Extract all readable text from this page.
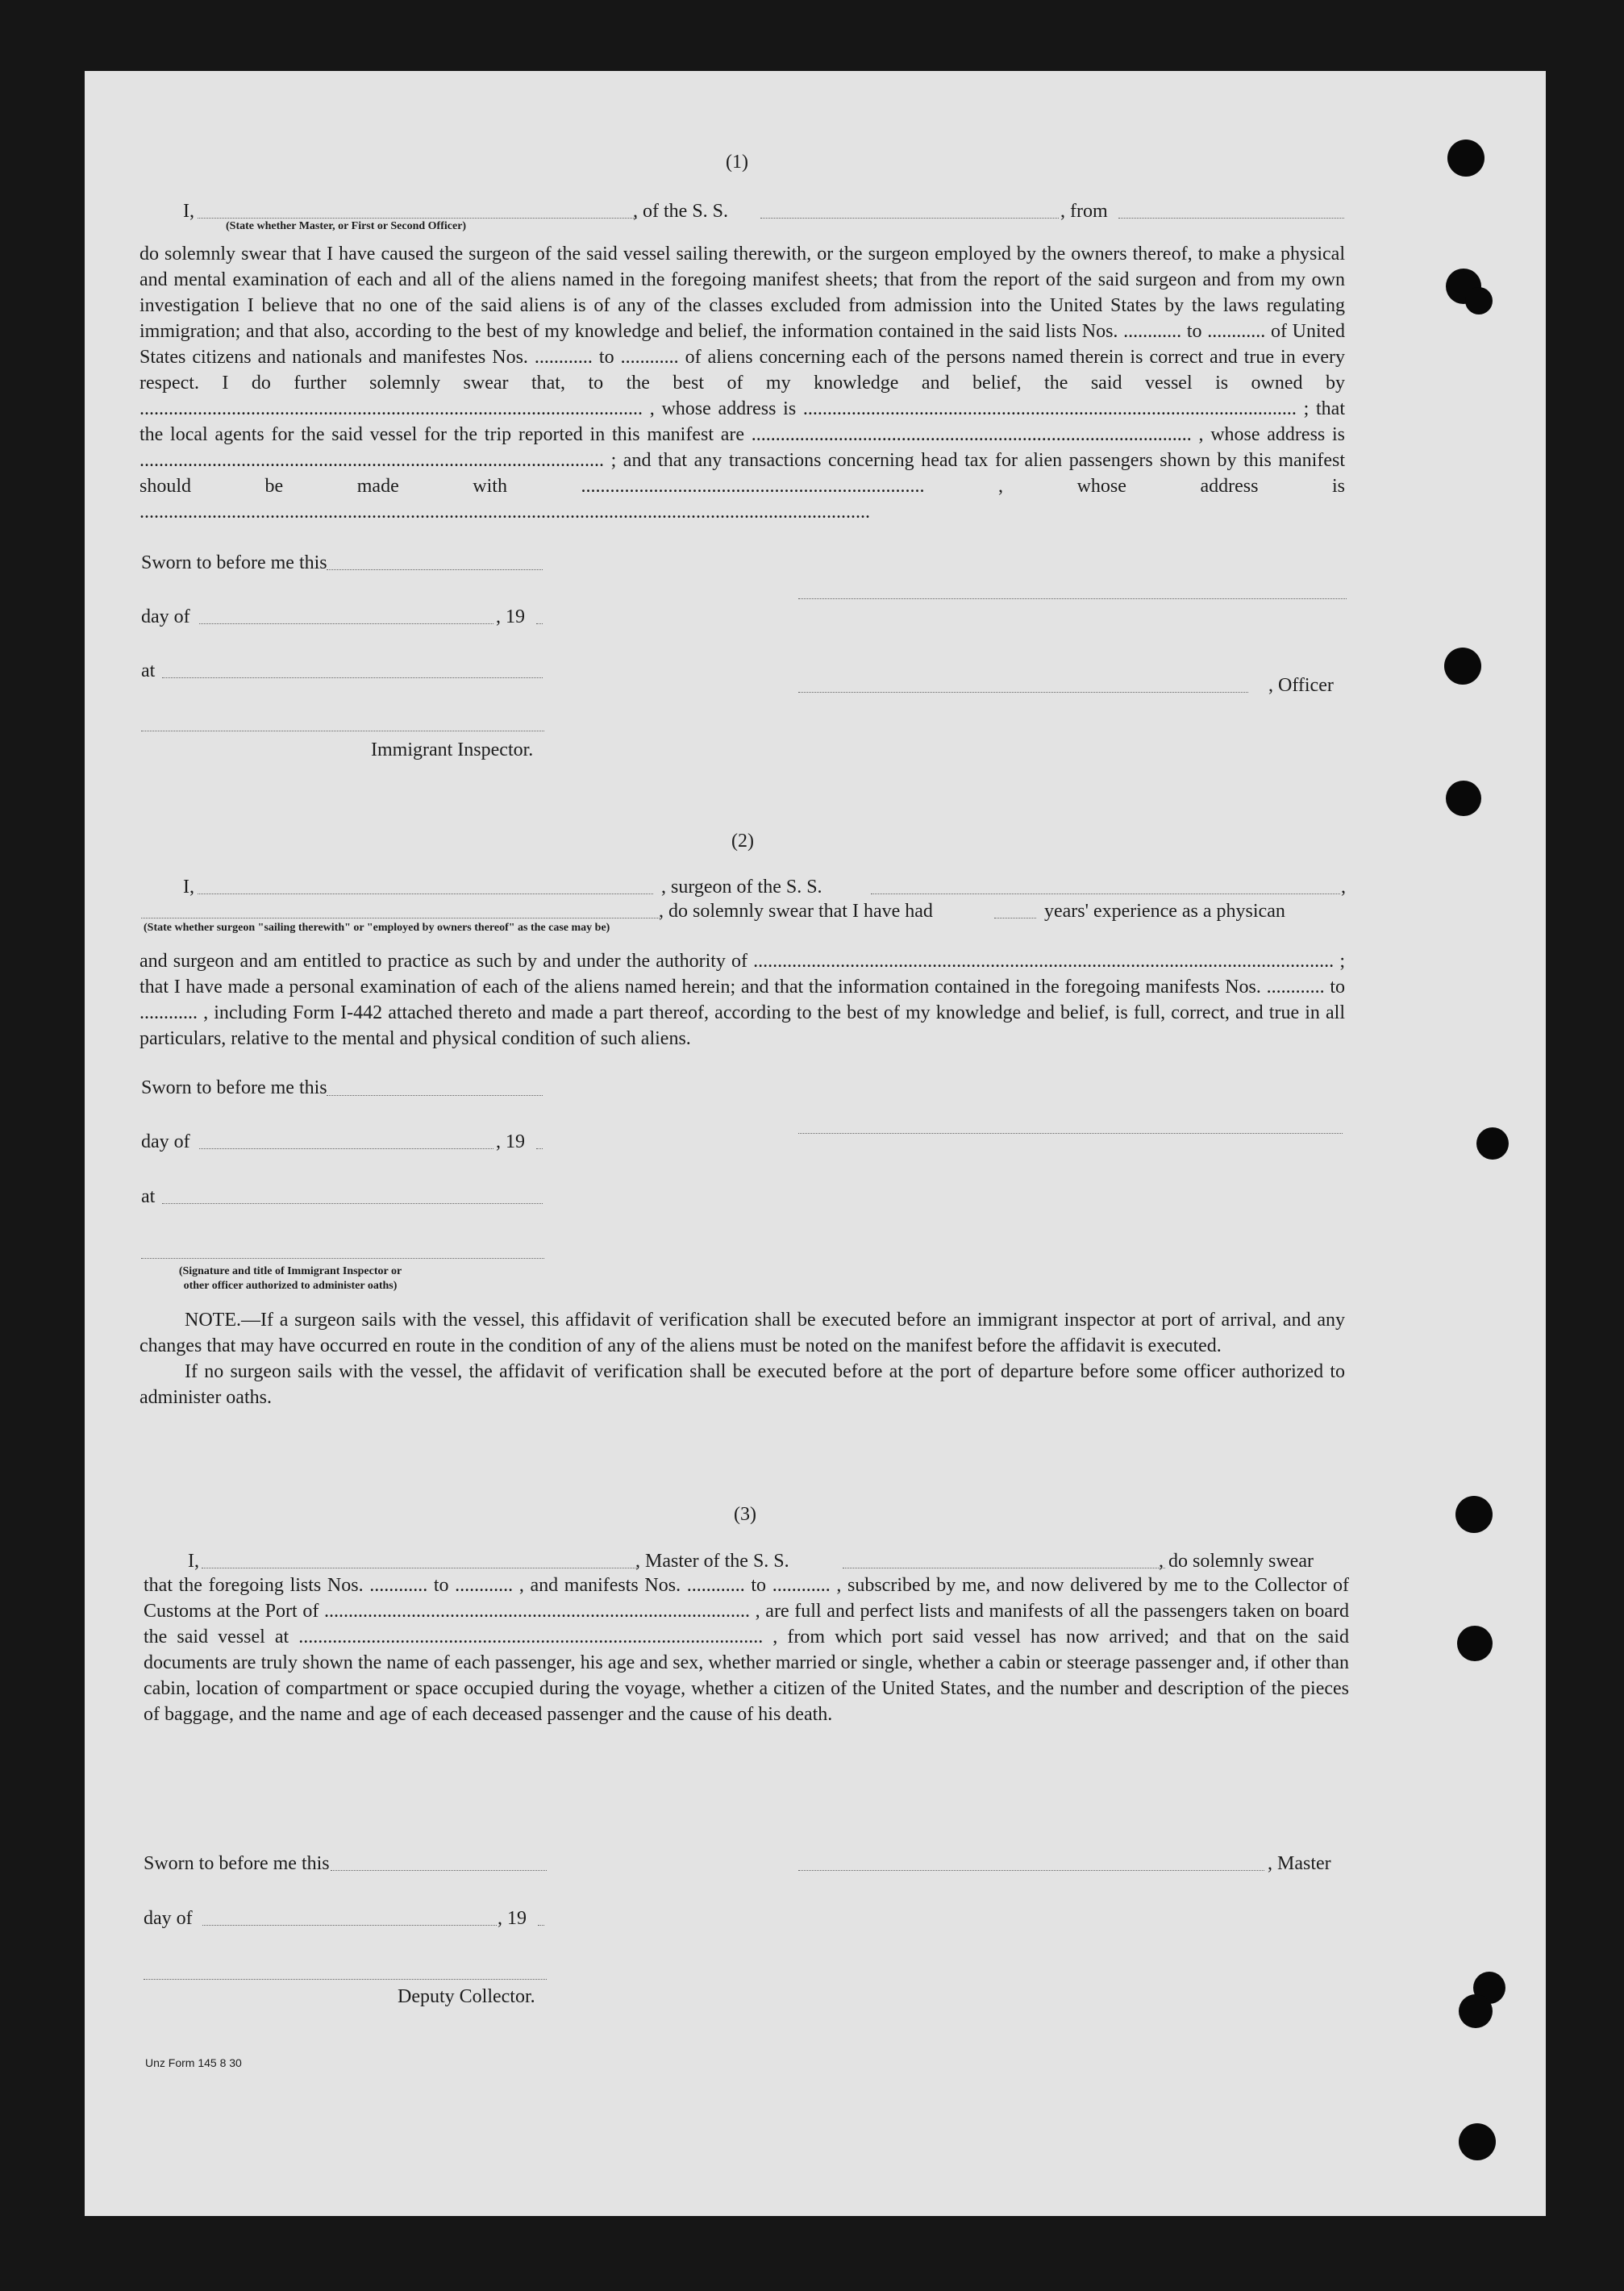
(1)
I,
(State whether Master, or First or Second Officer)
, of the S. S.	, from

do solemnly swear that I have caused the surgeon of the said vessel sailing therewith, or the surgeon employed by the owners thereof, to make a physical and mental examination of each and all of the aliens named in the foregoing manifest sheets; that from the report of the said surgeon and from my own investigation I believe that no one of the said aliens is of any of the classes excluded from admission into the United States by the laws regulating immigration; and that also, according to the best of my knowledge and belief, the information contained in the said lists Nos. ............ to ............ of United States citizens and nationals and manifestes Nos. ............ to ............ of aliens concerning each of the persons named therein is correct and true in every respect. I do further solemnly swear that, to the best of my knowledge and belief, the said vessel is owned by ........................................................................................................ , whose address is ...................................................................................................... ; that the local agents for the said vessel for the trip reported in this manifest are ........................................................................................... , whose address is ................................................................................................ ; and that any transactions concerning head tax for alien passengers shown by this manifest should be made with ....................................................................... , whose address is .......................................................................................................................................................

Sworn to before me this
day of	, 19
at
, Officer
Immigrant Inspector.
(2)
I,	, surgeon of the S. S.	,
, do solemnly swear that I have had	years' experience as a physican
(State whether surgeon "sailing therewith" or "employed by owners thereof" as the case may be)

and surgeon and am entitled to practice as such by and under the authority of ........................................................................................................................ ; that I have made a personal examination of each of the aliens named herein; and that the information contained in the foregoing manifests Nos. ............ to ............ , including Form I-442 attached thereto and made a part thereof, according to the best of my knowledge and belief, is full, correct, and true in all particulars, relative to the mental and physical condition of such aliens.

Sworn to before me this
day of	, 19
at
(Signature and title of Immigrant Inspector or other officer authorized to administer oaths)

NOTE.—If a surgeon sails with the vessel, this affidavit of verification shall be executed before an immigrant inspector at port of arrival, and any changes that may have occurred en route in the condition of any of the aliens must be noted on the manifest before the affidavit is executed.

If no surgeon sails with the vessel, the affidavit of verification shall be executed before at the port of departure before some officer authorized to administer oaths.

(3)
I,	, Master of the S. S.	, do solemnly swear

that the foregoing lists Nos. ............ to ............ , and manifests Nos. ............ to ............ , subscribed by me, and now delivered by me to the Collector of Customs at the Port of ........................................................................................ , are full and perfect lists and manifests of all the passengers taken on board the said vessel at ................................................................................................ , from which port said vessel has now arrived; and that on the said documents are truly shown the name of each passenger, his age and sex, whether married or single, whether a cabin or steerage passenger and, if other than cabin, location of compartment or space occupied during the voyage, whether a citizen of the United States, and the number and description of the pieces of baggage, and the name and age of each deceased passenger and the cause of his death.

Sworn to before me this	, Master
day of	, 19
Deputy Collector.
Unz Form 145 8 30
